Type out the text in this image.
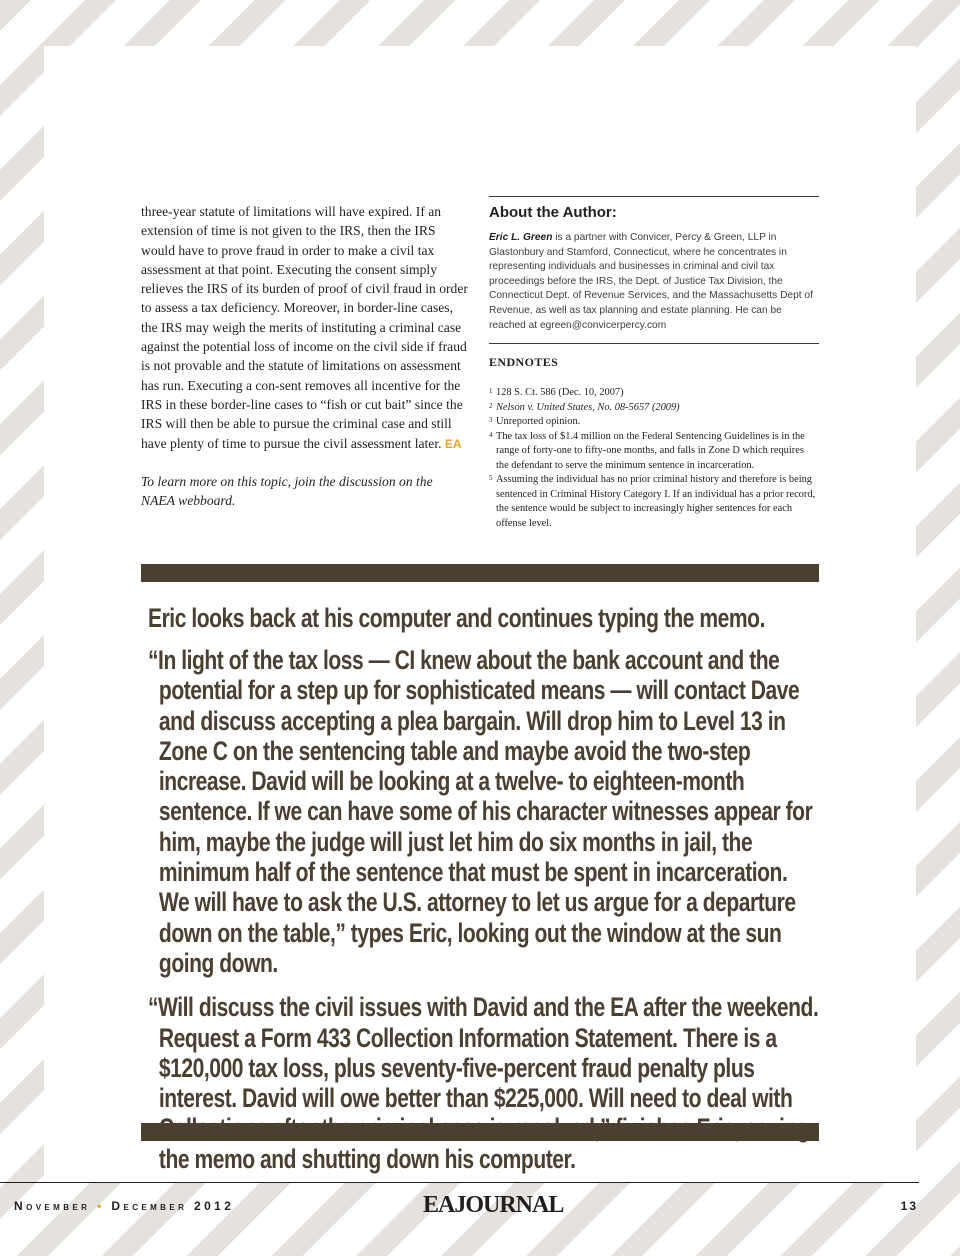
three-year statute of limitations will have expired. If an extension of time is not given to the IRS, then the IRS would have to prove fraud in order to make a civil tax assessment at that point. Executing the consent simply relieves the IRS of its burden of proof of civil fraud in order to assess a tax deficiency. Moreover, in border-line cases, the IRS may weigh the merits of instituting a criminal case against the potential loss of income on the civil side if fraud is not provable and the statute of limitations on assessment has run. Executing a con-sent removes all incentive for the IRS in these border-line cases to “fish or cut bait” since the IRS will then be able to pursue the criminal case and still have plenty of time to pursue the civil assessment later. EA

To learn more on this topic, join the discussion on the NAEA webboard.

About the Author:

Eric L. Green is a partner with Convicer, Percy & Green, LLP in Glastonbury and Stamford, Connecticut, where he concentrates in representing individuals and businesses in criminal and civil tax proceedings before the IRS, the Dept. of Justice Tax Division, the Connecticut Dept. of Revenue Services, and the Massachusetts Dept of Revenue, as well as tax planning and estate planning. He can be reached at egreen@convicerpercy.com

ENDNOTES
1 128 S. Ct. 586 (Dec. 10, 2007)
2 Nelson v. United States, No. 08-5657 (2009)
3 Unreported opinion.
4 The tax loss of $1.4 million on the Federal Sentencing Guidelines is in the range of forty-one to fifty-one months, and falls in Zone D which requires the defendant to serve the minimum sentence in incarceration.
5 Assuming the individual has no prior criminal history and therefore is being sentenced in Criminal History Category I. If an individual has a prior record, the sentence would be subject to increasingly higher sentences for each offense level.

Eric looks back at his computer and continues typing the memo.

“In light of the tax loss — CI knew about the bank account and the potential for a step up for sophisticated means — will contact Dave and discuss accepting a plea bargain. Will drop him to Level 13 in Zone C on the sentencing table and maybe avoid the two-step increase. David will be looking at a twelve- to eighteen-month sentence. If we can have some of his character witnesses appear for him, maybe the judge will just let him do six months in jail, the minimum half of the sentence that must be spent in incarceration. We will have to ask the U.S. attorney to let us argue for a departure down on the table,” types Eric, looking out the window at the sun going down.

“Will discuss the civil issues with David and the EA after the weekend. Request a Form 433 Collection Information Statement. There is a $120,000 tax loss, plus seventy-five-percent fraud penalty plus interest. David will owe better than $225,000. Will need to deal with the memo and shutting down his computer.

November • December 2012	EAJOURNAL	13
